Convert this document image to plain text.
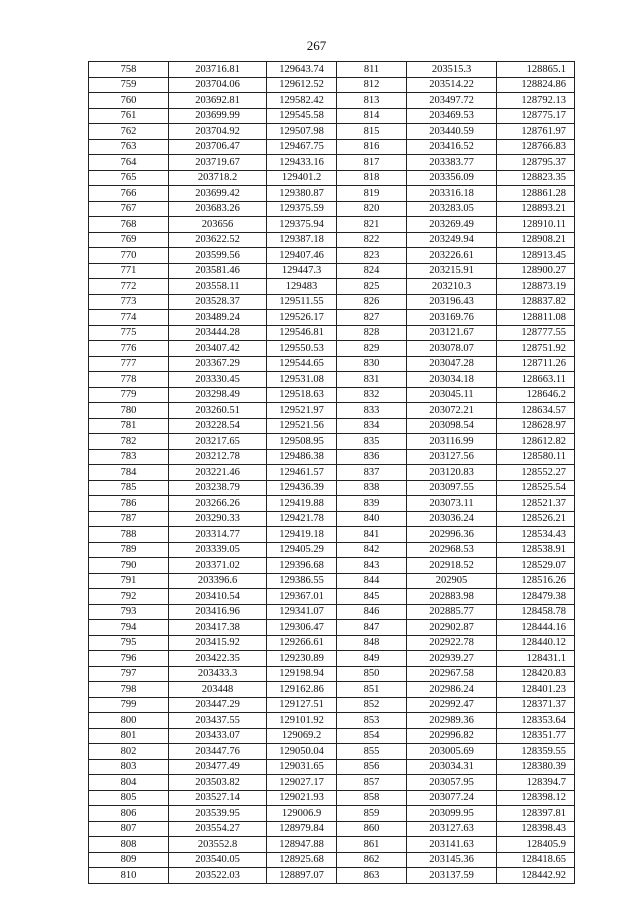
267
758	203716.81	129643.74	811	203515.3	128865.1
759	203704.06	129612.52	812	203514.22	128824.86
760	203692.81	129582.42	813	203497.72	128792.13
761	203699.99	129545.58	814	203469.53	128775.17
762	203704.92	129507.98	815	203440.59	128761.97
763	203706.47	129467.75	816	203416.52	128766.83
764	203719.67	129433.16	817	203383.77	128795.37
765	203718.2	129401.2	818	203356.09	128823.35
766	203699.42	129380.87	819	203316.18	128861.28
767	203683.26	129375.59	820	203283.05	128893.21
768	203656	129375.94	821	203269.49	128910.11
769	203622.52	129387.18	822	203249.94	128908.21
770	203599.56	129407.46	823	203226.61	128913.45
771	203581.46	129447.3	824	203215.91	128900.27
772	203558.11	129483	825	203210.3	128873.19
773	203528.37	129511.55	826	203196.43	128837.82
774	203489.24	129526.17	827	203169.76	128811.08
775	203444.28	129546.81	828	203121.67	128777.55
776	203407.42	129550.53	829	203078.07	128751.92
777	203367.29	129544.65	830	203047.28	128711.26
778	203330.45	129531.08	831	203034.18	128663.11
779	203298.49	129518.63	832	203045.11	128646.2
780	203260.51	129521.97	833	203072.21	128634.57
781	203228.54	129521.56	834	203098.54	128628.97
782	203217.65	129508.95	835	203116.99	128612.82
783	203212.78	129486.38	836	203127.56	128580.11
784	203221.46	129461.57	837	203120.83	128552.27
785	203238.79	129436.39	838	203097.55	128525.54
786	203266.26	129419.88	839	203073.11	128521.37
787	203290.33	129421.78	840	203036.24	128526.21
788	203314.77	129419.18	841	202996.36	128534.43
789	203339.05	129405.29	842	202968.53	128538.91
790	203371.02	129396.68	843	202918.52	128529.07
791	203396.6	129386.55	844	202905	128516.26
792	203410.54	129367.01	845	202883.98	128479.38
793	203416.96	129341.07	846	202885.77	128458.78
794	203417.38	129306.47	847	202902.87	128444.16
795	203415.92	129266.61	848	202922.78	128440.12
796	203422.35	129230.89	849	202939.27	128431.1
797	203433.3	129198.94	850	202967.58	128420.83
798	203448	129162.86	851	202986.24	128401.23
799	203447.29	129127.51	852	202992.47	128371.37
800	203437.55	129101.92	853	202989.36	128353.64
801	203433.07	129069.2	854	202996.82	128351.77
802	203447.76	129050.04	855	203005.69	128359.55
803	203477.49	129031.65	856	203034.31	128380.39
804	203503.82	129027.17	857	203057.95	128394.7
805	203527.14	129021.93	858	203077.24	128398.12
806	203539.95	129006.9	859	203099.95	128397.81
807	203554.27	128979.84	860	203127.63	128398.43
808	203552.8	128947.88	861	203141.63	128405.9
809	203540.05	128925.68	862	203145.36	128418.65
810	203522.03	128897.07	863	203137.59	128442.92
